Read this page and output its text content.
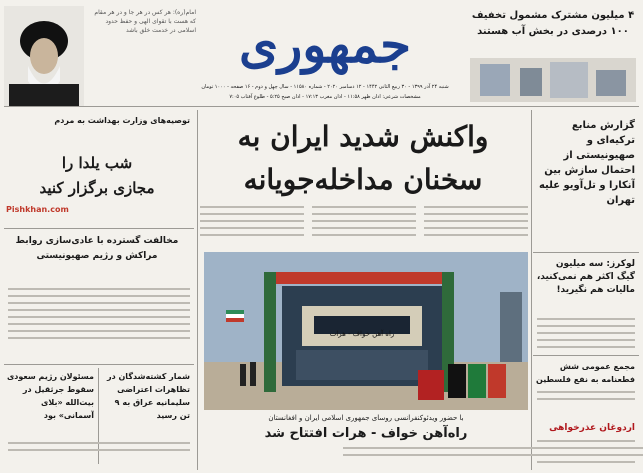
امام(ره): هر کس در هر جا و در هر مقام که هست با تقوای الهی و حفظ حدود اسلامی در خدمت خلق باشد جمهوری
شنبه ۲۴ آذر ۱۳۹۹ - ۳۰ ربیع الثانی ۱۴۴۲ - ۱۲ دسامبر ۲۰۲۰ - شماره ۱۱۵۸۰ - سال چهل و دوم - ۱۶ صفحه - ۱۰۰۰ تومان
مشخصات شرعی: اذان ظهر ۱۱:۵۸ - اذان مغرب ۱۷:۱۳ - اذان صبح ۵:۲۵ - طلوع آفتاب ۷:۰۵
۴ میلیون مشترک مشمول تخفیف ۱۰۰ درصدی در بخش آب هستند
گزارش منابع ترکیه‌ای و صهیونیستی از احتمال سازش بین آنکارا و تل‌آویو علیه تهران
لوکرز: سه میلیون گیگ اکثر هم نمی‌کنید، مالیات هم نگیرید!
مجمع عمومی شش فطعنامه به نفع فلسطین
اردوغان عذرخواهی
واکنش شدید ایران به
سخنان مداخله‌جویانه
راه آهن خواف - هرات
با حضور ویدئوکنفرانسی روسای جمهوری اسلامی ایران و افغانستان
راه‌آهن خواف - هرات افتتاح شد
توصیه‌های وزارت بهداشت به مردم
شب یلدا را
مجازی برگزار کنید
Pishkhan.com
مخالفت گسترده با عادی‌سازی روابط مراکش و رژیم صهیونیستی
مسئولان رژیم سعودی سقوط جرثقیل در بیت‌الله «بلای آسمانی» بود
شمار کشته‌شدگان در تظاهرات اعتراضی سلیمانیه عراق به ۹ تن رسید
